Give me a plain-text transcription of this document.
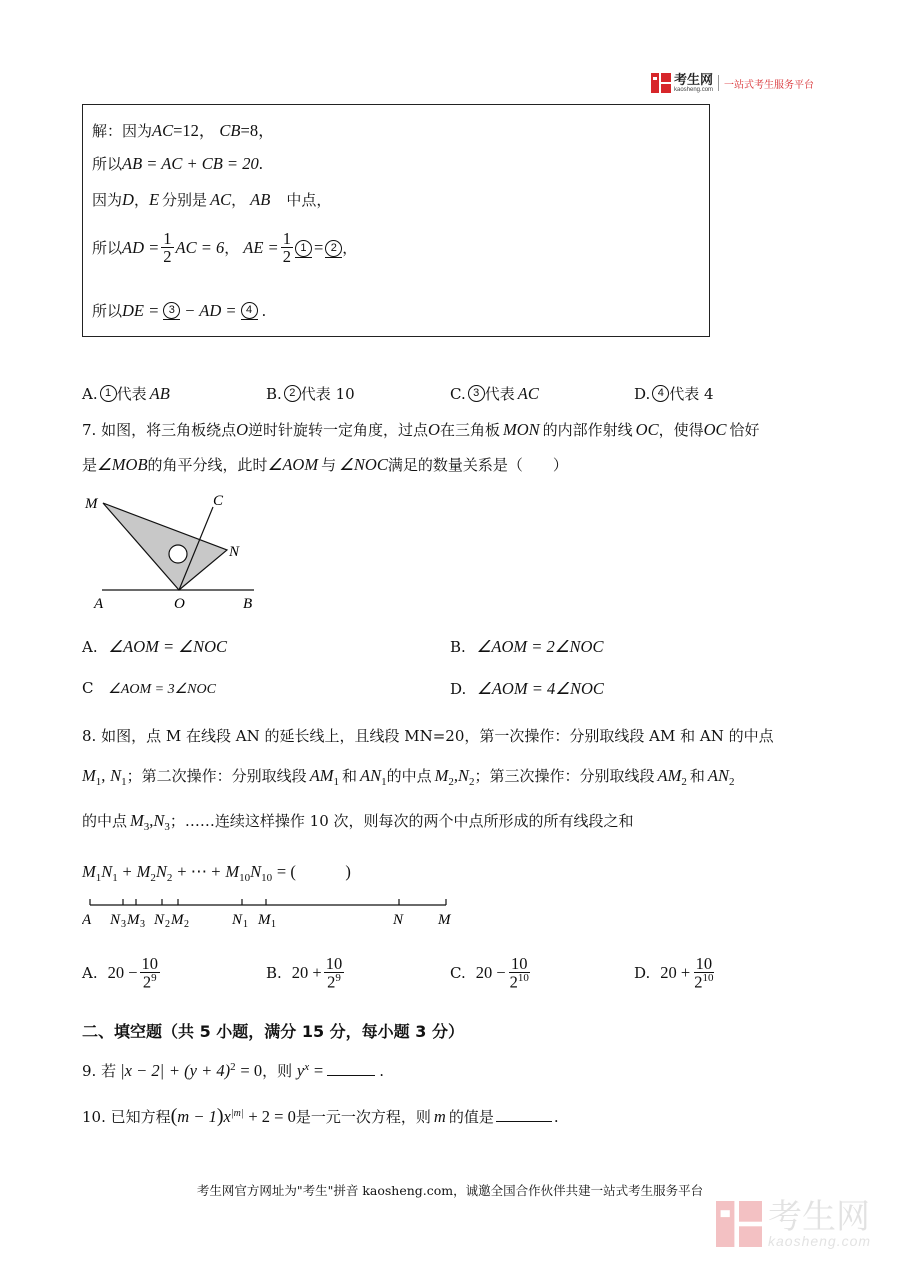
考生网
kaosheng.com 一站式考生服务平台
解：因为AC=12， CB=8，
所以AB = AC + CB = 20.
因为D，E 分别是 AC， AB 中点，
所以 AD = $\frac{1}{2}$ AC = 6 ， AE = $\frac{1}{2} 1 = 2$ ，
所以 DE = 3 − AD = 4 .
A. 1 代表 AB	B. 2 代表 10	C. 3 代表 AC	D. 4 代表 4
7. 如图，将三角板绕点O逆时针旋转一定角度，过点O在三角板 MON 的内部作射线 OC，使得OC 恰好
是∠MOB的角平分线，此时∠AOM 与 ∠NOC满足的数量关系是（　　）
M	C
N
A	O	B
A. ∠AOM = ∠NOC	B. ∠AOM = 2∠NOC
C ∠AOM = 3∠NOC	D. ∠AOM = 4∠NOC
8. 如图，点 M 在线段 AN 的延长线上，且线段 MN=20，第一次操作：分别取线段 AM 和 AN 的中点
$M_1$, $N_1$；第二次操作：分别取线段 $AM_1$ 和 $AN_1$的中点 $M_2,N_2$；第三次操作：分别取线段 $AM_2$ 和 $AN_2$
的中点 $M_3,N_3$；……连续这样操作 10 次，则每次的两个中点所形成的所有线段之和
$M_1N_1 + M_2N_2$ + ⋯ + $M_{10}N_{10}$ = (　　　)
A N 3 M 3 N 2 M 2	N 1 M 1	N M
A. $20 - \frac{10}{2^9}$	B. $20 + \frac{10}{2^9}$	C. $20 - \frac{10}{2^{10}}$	D. $20 + \frac{10}{2^{10}}$
二、填空题（共 5 小题，满分 15 分，每小题 3 分）
9. 若 $|x - 2| + (y + 4)^2 = 0$，则 $y^x$ =	.
10. 已知方程$(m - 1)x^{|m|} + 2 = 0$是一元一次方程，则 m 的值是	.
考生网官方网址为"考生"拼音 kaosheng.com，诚邀全国合作伙伴共建一站式考生服务平台
考生网
kaosheng.com
